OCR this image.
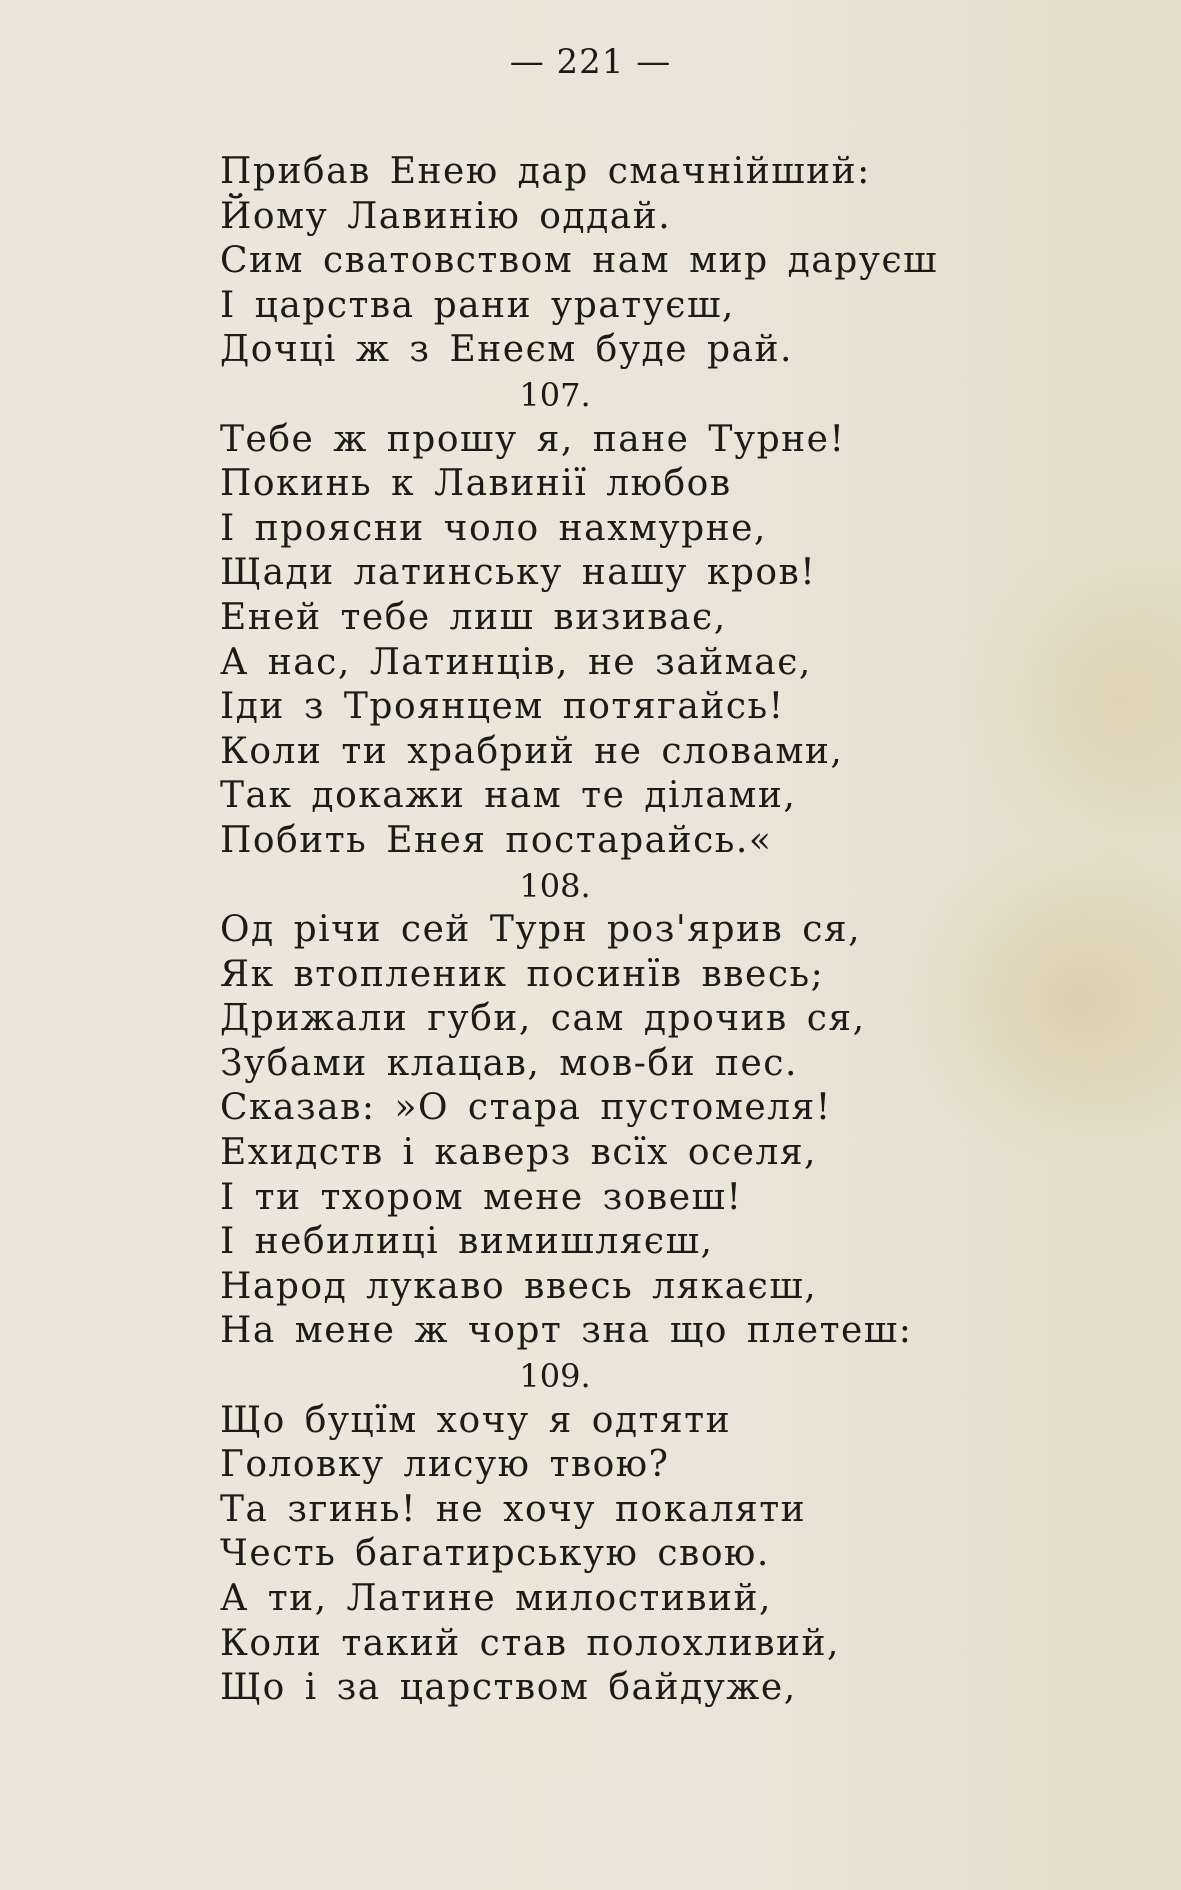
— 221 —
Прибав Енею дар смачнійший:
Йому Лавинію оддай.
Сим сватовством нам мир даруєш
І царства рани уратуєш,
Дочці ж з Енеєм буде рай.
107.
Тебе ж прошу я, пане Турне!
Покинь к Лавинії любов
І проясни чоло нахмурне,
Щади латинську нашу кров!
Еней тебе лиш визиває,
А нас, Латинців, не займає,
Іди з Троянцем потягайсь!
Коли ти храбрий не словами,
Так докажи нам те ділами,
Побить Енея постарайсь.«
108.
Од річи сей Турн роз'ярив ся,
Як втопленик посинїв ввесь;
Дрижали губи, сам дрочив ся,
Зубами клацав, мов-би пес.
Сказав: »О стара пустомеля!
Ехидств і каверз всїх оселя,
І ти тхором мене зовеш!
І небилиці вимишляєш,
Народ лукаво ввесь лякаєш,
На мене ж чорт зна що плетеш:
109.
Що буцїм хочу я одтяти
Головку лисую твою?
Та згинь! не хочу покаляти
Честь багатирськую свою.
А ти, Латине милостивий,
Коли такий став полохливий,
Що і за царством байдуже,
